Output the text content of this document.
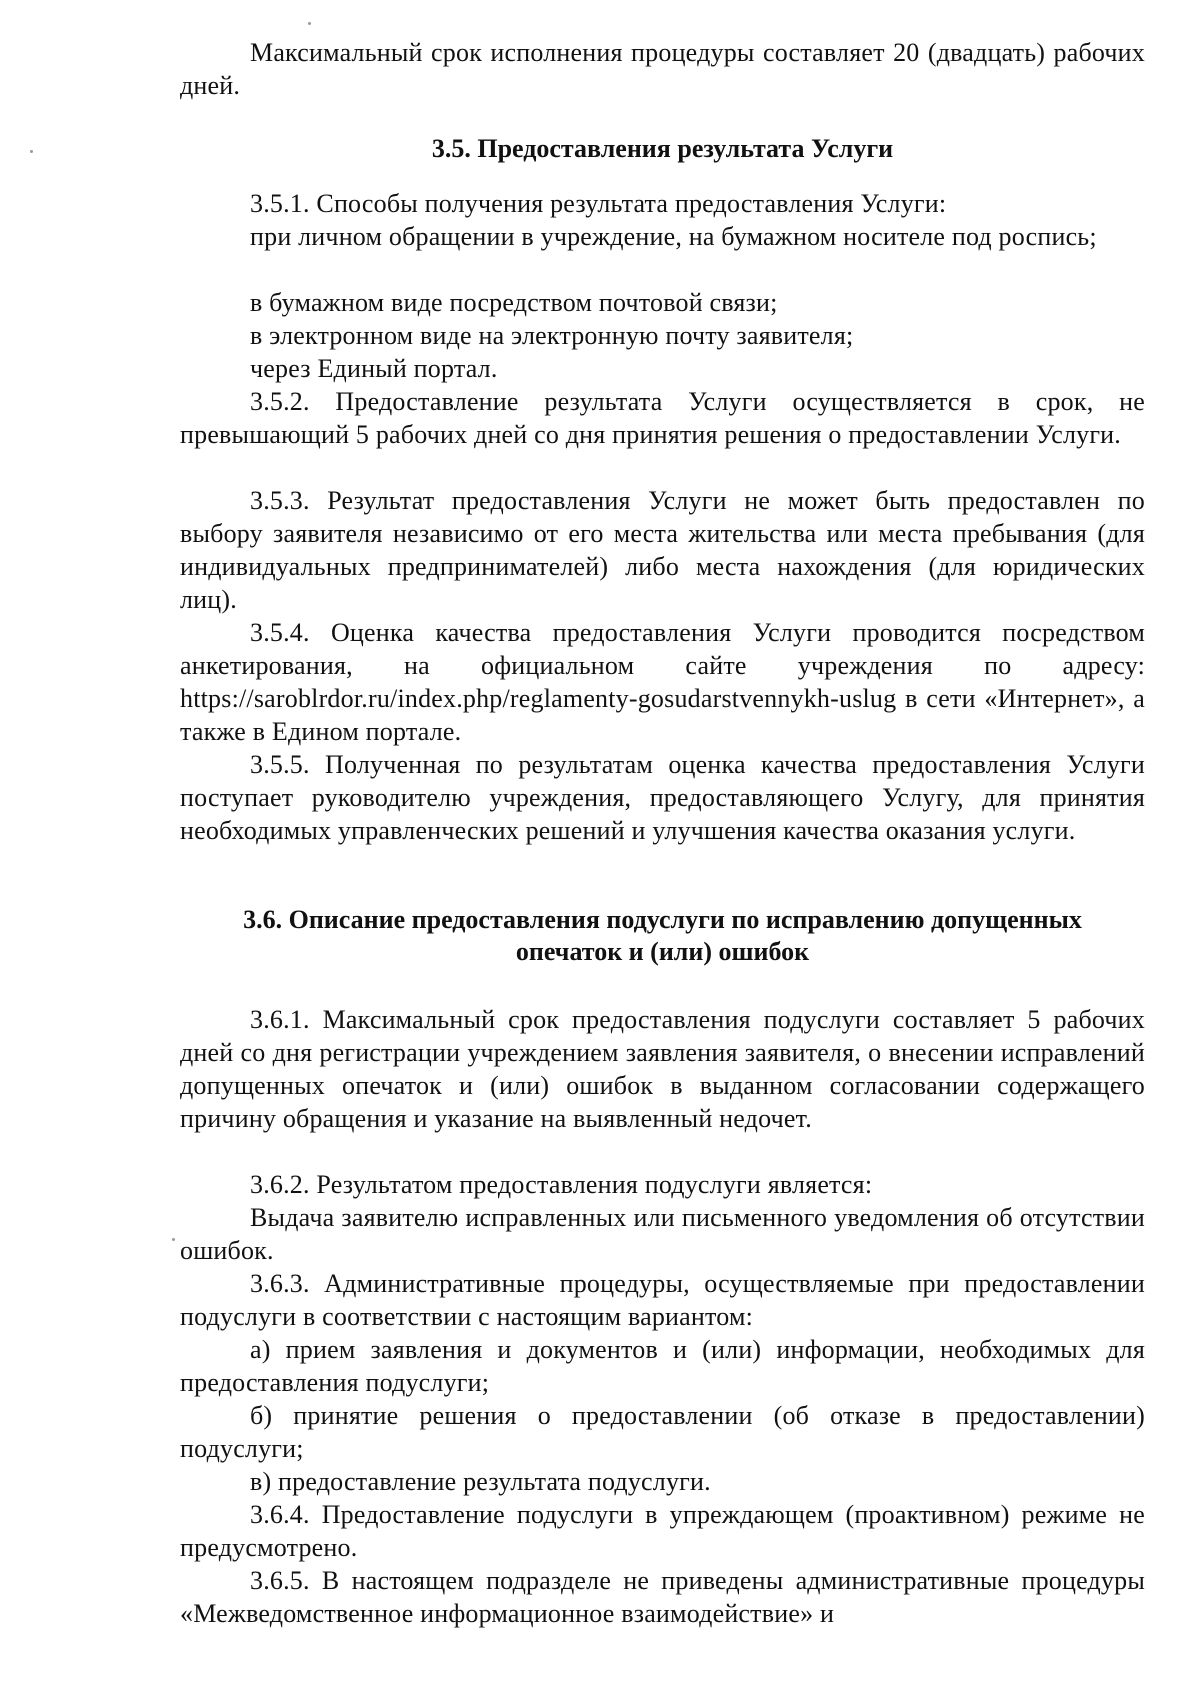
Максимальный срок исполнения процедуры составляет 20 (двадцать) рабочих дней.

3.5. Предоставления результата Услуги

3.5.1. Способы получения результата предоставления Услуги:

при личном обращении в учреждение, на бумажном носителе под роспись;

в бумажном виде посредством почтовой связи;

в электронном виде на электронную почту заявителя;

через Единый портал.

3.5.2. Предоставление результата Услуги осуществляется в срок, не превышающий 5 рабочих дней со дня принятия решения о предоставлении Услуги.

3.5.3. Результат предоставления Услуги не может быть предоставлен по выбору заявителя независимо от его места жительства или места пребывания (для индивидуальных предпринимателей) либо места нахождения (для юридических лиц).

3.5.4. Оценка качества предоставления Услуги проводится посредством анкетирования, на официальном сайте учреждения по адресу: https://saroblrdor.ru/index.php/reglamenty-gosudarstvennykh-uslug в сети «Интернет», а также в Едином портале.

3.5.5. Полученная по результатам оценка качества предоставления Услуги поступает руководителю учреждения, предоставляющего Услугу, для принятия необходимых управленческих решений и улучшения качества оказания услуги.

3.6. Описание предоставления подуслуги по исправлению допущенных
опечаток и (или) ошибок

3.6.1. Максимальный срок предоставления подуслуги составляет 5 рабочих дней со дня регистрации учреждением заявления заявителя, о внесении исправлений допущенных опечаток и (или) ошибок в выданном согласовании содержащего причину обращения и указание на выявленный недочет.

3.6.2. Результатом предоставления подуслуги является:

Выдача заявителю исправленных или письменного уведомления об отсутствии ошибок.

3.6.3. Административные процедуры, осуществляемые при предоставлении подуслуги в соответствии с настоящим вариантом:

а) прием заявления и документов и (или) информации, необходимых для предоставления подуслуги;

б) принятие решения о предоставлении (об отказе в предоставлении) подуслуги;

в) предоставление результата подуслуги.

3.6.4. Предоставление подуслуги в упреждающем (проактивном) режиме не предусмотрено.

3.6.5. В настоящем подразделе не приведены административные процедуры «Межведомственное информационное взаимодействие» и
